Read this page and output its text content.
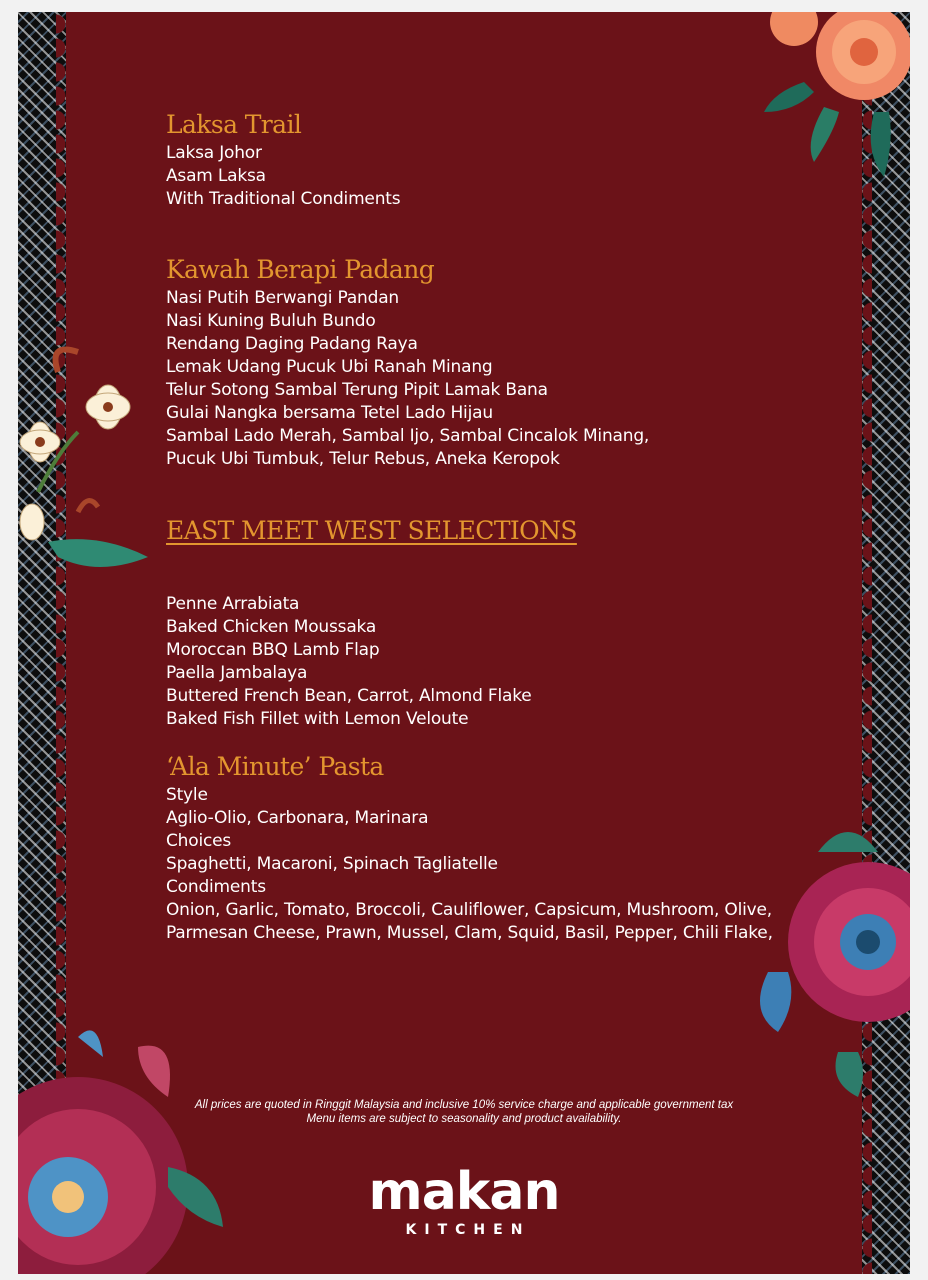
Laksa Trail
Laksa Johor
Asam Laksa
With Traditional Condiments
Kawah Berapi Padang
Nasi Putih Berwangi Pandan
Nasi Kuning Buluh Bundo
Rendang Daging Padang Raya
Lemak Udang Pucuk Ubi Ranah Minang
Telur Sotong Sambal Terung Pipit Lamak Bana
Gulai Nangka bersama Tetel Lado Hijau
Sambal Lado Merah, Sambal Ijo, Sambal Cincalok Minang,
Pucuk Ubi Tumbuk, Telur Rebus, Aneka Keropok
EAST MEET WEST SELECTIONS
Penne Arrabiata
Baked Chicken Moussaka
Moroccan BBQ Lamb Flap
Paella Jambalaya
Buttered French Bean, Carrot, Almond Flake
Baked Fish Fillet with Lemon Veloute
‘Ala Minute’ Pasta
Style
Aglio-Olio, Carbonara, Marinara
Choices
Spaghetti, Macaroni, Spinach Tagliatelle
Condiments
Onion, Garlic, Tomato, Broccoli, Cauliflower, Capsicum, Mushroom, Olive,
Parmesan Cheese, Prawn, Mussel, Clam, Squid, Basil, Pepper, Chili Flake,
All prices are quoted in Ringgit Malaysia and inclusive 10% service charge and applicable government tax
Menu items are subject to seasonality and product availability.
makan
KITCHEN
